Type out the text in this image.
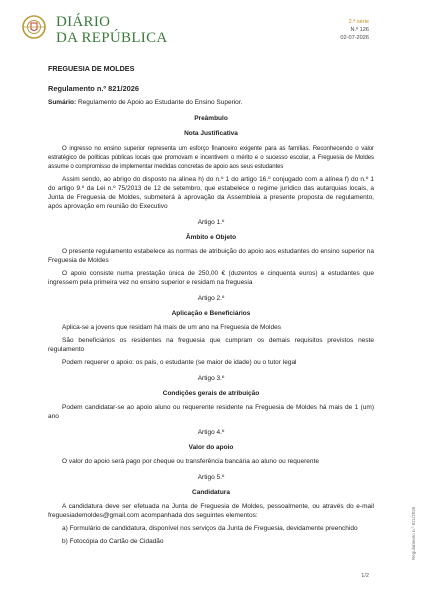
DIÁRIO
DA REPÚBLICA
2.ª série
N.º 126
02-07-2026

FREGUESIA DE MOLDES

Regulamento n.º 821/2026

Sumário: Regulamento de Apoio ao Estudante do Ensino Superior.

Preâmbulo

Nota Justificativa

O ingresso no ensino superior representa um esforço financeiro exigente para as famílias. Reconhecendo o valor estratégico de políticas públicas locais que promovam e incentivem o mérito e o sucesso escolar, a Freguesia de Moldes assume o compromisso de implementar medidas concretas de apoio aos seus estudantes

Assim sendo, ao abrigo do disposto na alínea h) do n.º 1 do artigo 16.º conjugado com a alínea f) do n.º 1 do artigo 9.º da Lei n.º 75/2013 de 12 de setembro, que estabelece o regime jurídico das autarquias locais, a Junta de Freguesia de Moldes, submeterá à aprovação da Assembleia a presente proposta de regulamento, após aprovação em reunião do Executivo

Artigo 1.º

Âmbito e Objeto

O presente regulamento estabelece as normas de atribuição do apoio aos estudantes do ensino superior na Freguesia de Moldes

O apoio consiste numa prestação única de 250,00 € (duzentos e cinquenta euros) a estudantes que ingressem pela primeira vez no ensino superior e residam na freguesia

Artigo 2.º

Aplicação e Beneficiários

Aplica-se a jovens que residam há mais de um ano na Freguesia de Moldes

São beneficiários os residentes na freguesia que cumpram os demais requisitos previstos neste regulamento

Podem requerer o apoio: os pais, o estudante (se maior de idade) ou o tutor legal

Artigo 3.º

Condições gerais de atribuição

Podem candidatar-se ao apoio aluno ou requerente residente na Freguesia de Moldes há mais de 1 (um) ano

Artigo 4.º

Valor do apoio

O valor do apoio será pago por cheque ou transferência bancária ao aluno ou requerente

Artigo 5.º

Candidatura

A candidatura deve ser efetuada na Junta de Freguesia de Moldes, pessoalmente, ou através do e-mail freguesiademoldes@gmail.com acompanhada dos seguintes elementos:

a) Formulário de candidatura, disponível nos serviços da Junta de Freguesia, devidamente preenchido

b) Fotocópia do Cartão de Cidadão	Regulamento n.º 821/2026
1/2
